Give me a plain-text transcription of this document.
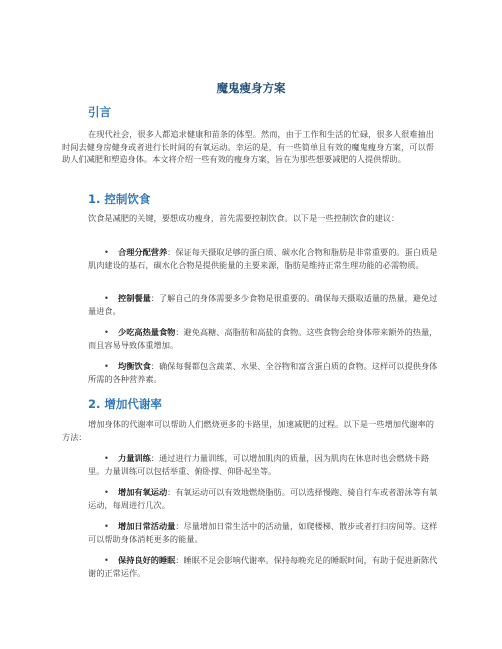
魔鬼瘦身方案
引言

在现代社会，很多人都追求健康和苗条的体型。然而，由于工作和生活的忙碌，很多人很难抽出时间去健身房健身或者进行长时间的有氧运动。幸运的是，有一些简单且有效的魔鬼瘦身方案，可以帮助人们减肥和塑造身体。本文将介绍一些有效的瘦身方案，旨在为那些想要减肥的人提供帮助。

1. 控制饮食

饮食是减肥的关键，要想成功瘦身，首先需要控制饮食。以下是一些控制饮食的建议：

•	合理分配营养：保证每天摄取足够的蛋白质、碳水化合物和脂肪是非常重要的。蛋白质是肌肉建设的基石，碳水化合物是提供能量的主要来源，脂肪是维持正常生理功能的必需物质。
•	控制餐量：了解自己的身体需要多少食物是很重要的。确保每天摄取适量的热量，避免过量进食。
•	少吃高热量食物：避免高糖、高脂肪和高盐的食物。这些食物会给身体带来额外的热量，而且容易导致体重增加。
•	均衡饮食：确保每餐都包含蔬菜、水果、全谷物和富含蛋白质的食物。这样可以提供身体所需的各种营养素。
2. 增加代谢率

增加身体的代谢率可以帮助人们燃烧更多的卡路里，加速减肥的过程。以下是一些增加代谢率的方法：

•	力量训练：通过进行力量训练，可以增加肌肉的质量，因为肌肉在休息时也会燃烧卡路里。力量训练可以包括举重、俯卧撑、仰卧起坐等。
•	增加有氧运动：有氧运动可以有效地燃烧脂肪。可以选择慢跑、骑自行车或者游泳等有氧运动，每周进行几次。
•	增加日常活动量：尽量增加日常生活中的活动量，如爬楼梯、散步或者打扫房间等。这样可以帮助身体消耗更多的能量。
•	保持良好的睡眠：睡眠不足会影响代谢率。保持每晚充足的睡眠时间，有助于促进新陈代谢的正常运作。
